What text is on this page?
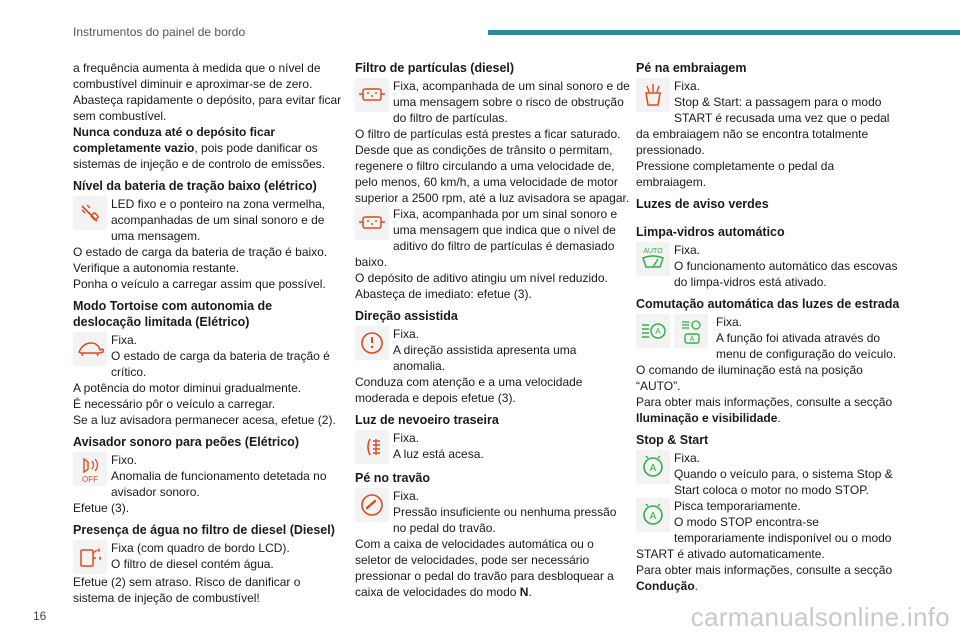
Instrumentos do painel de bordo

a frequência aumenta à medida que o nível de combustível diminuir e aproximar-se de zero.

Abasteça rapidamente o depósito, para evitar ficar sem combustível.

Nunca conduza até o depósito ficar completamente vazio, pois pode danificar os sistemas de injeção e de controlo de emissões.

Nível da bateria de tração baixo (elétrico)

LED fixo e o ponteiro na zona vermelha, acompanhadas de um sinal sonoro e de uma mensagem.

O estado de carga da bateria de tração é baixo.

Verifique a autonomia restante.

Ponha o veículo a carregar assim que possível.

Modo Tortoise com autonomia de deslocação limitada (Elétrico)

Fixa.

O estado de carga da bateria de tração é crítico.

A potência do motor diminui gradualmente.

É necessário pôr o veículo a carregar.

Se a luz avisadora permanecer acesa, efetue (2).

Avisador sonoro para peões (Elétrico)
OFF

Fixo.

Anomalia de funcionamento detetada no avisador sonoro.

Efetue (3).

Presença de água no filtro de diesel (Diesel)

Fixa (com quadro de bordo LCD).

O filtro de diesel contém água.

Efetue (2) sem atraso. Risco de danificar o sistema de injeção de combustível!

Filtro de partículas (diesel)

Fixa, acompanhada de um sinal sonoro e de uma mensagem sobre o risco de obstrução do filtro de partículas.

O filtro de partículas está prestes a ficar saturado.

Desde que as condições de trânsito o permitam, regenere o filtro circulando a uma velocidade de, pelo menos, 60 km/h, a uma velocidade de motor superior a 2500 rpm, até a luz avisadora se apagar.

Fixa, acompanhada por um sinal sonoro e uma mensagem que indica que o nível de aditivo do filtro de partículas é demasiado baixo.

O depósito de aditivo atingiu um nível reduzido.

Abasteça de imediato: efetue (3).

Direção assistida

Fixa.

A direção assistida apresenta uma anomalia.

Conduza com atenção e a uma velocidade moderada e depois efetue (3).

Luz de nevoeiro traseira

Fixa.

A luz está acesa.

Pé no travão

Fixa.

Pressão insuficiente ou nenhuma pressão no pedal do travão.

Com a caixa de velocidades automática ou o seletor de velocidades, pode ser necessário pressionar o pedal do travão para desbloquear a caixa de velocidades do modo N.

Pé na embraiagem

Fixa.

Stop & Start: a passagem para o modo START é recusada uma vez que o pedal da embraiagem não se encontra totalmente pressionado.

Pressione completamente o pedal da embraiagem.

Luzes de aviso verdes
Limpa-vidros automático
AUTO Fixa.

O funcionamento automático das escovas do limpa-vidros está ativado.

Comutação automática das luzes de estrada
A
A

Fixa.

A função foi ativada através do menu de configuração do veículo.

O comando de iluminação está na posição “AUTO”.

Para obter mais informações, consulte a secção Iluminação e visibilidade.

Stop & Start
A

Fixa.

Quando o veículo para, o sistema Stop & Start coloca o motor no modo STOP.

A

Pisca temporariamente.

O modo STOP encontra-se temporariamente indisponível ou o modo START é ativado automaticamente.

Para obter mais informações, consulte a secção Condução.

16	carmanualsonline.info
